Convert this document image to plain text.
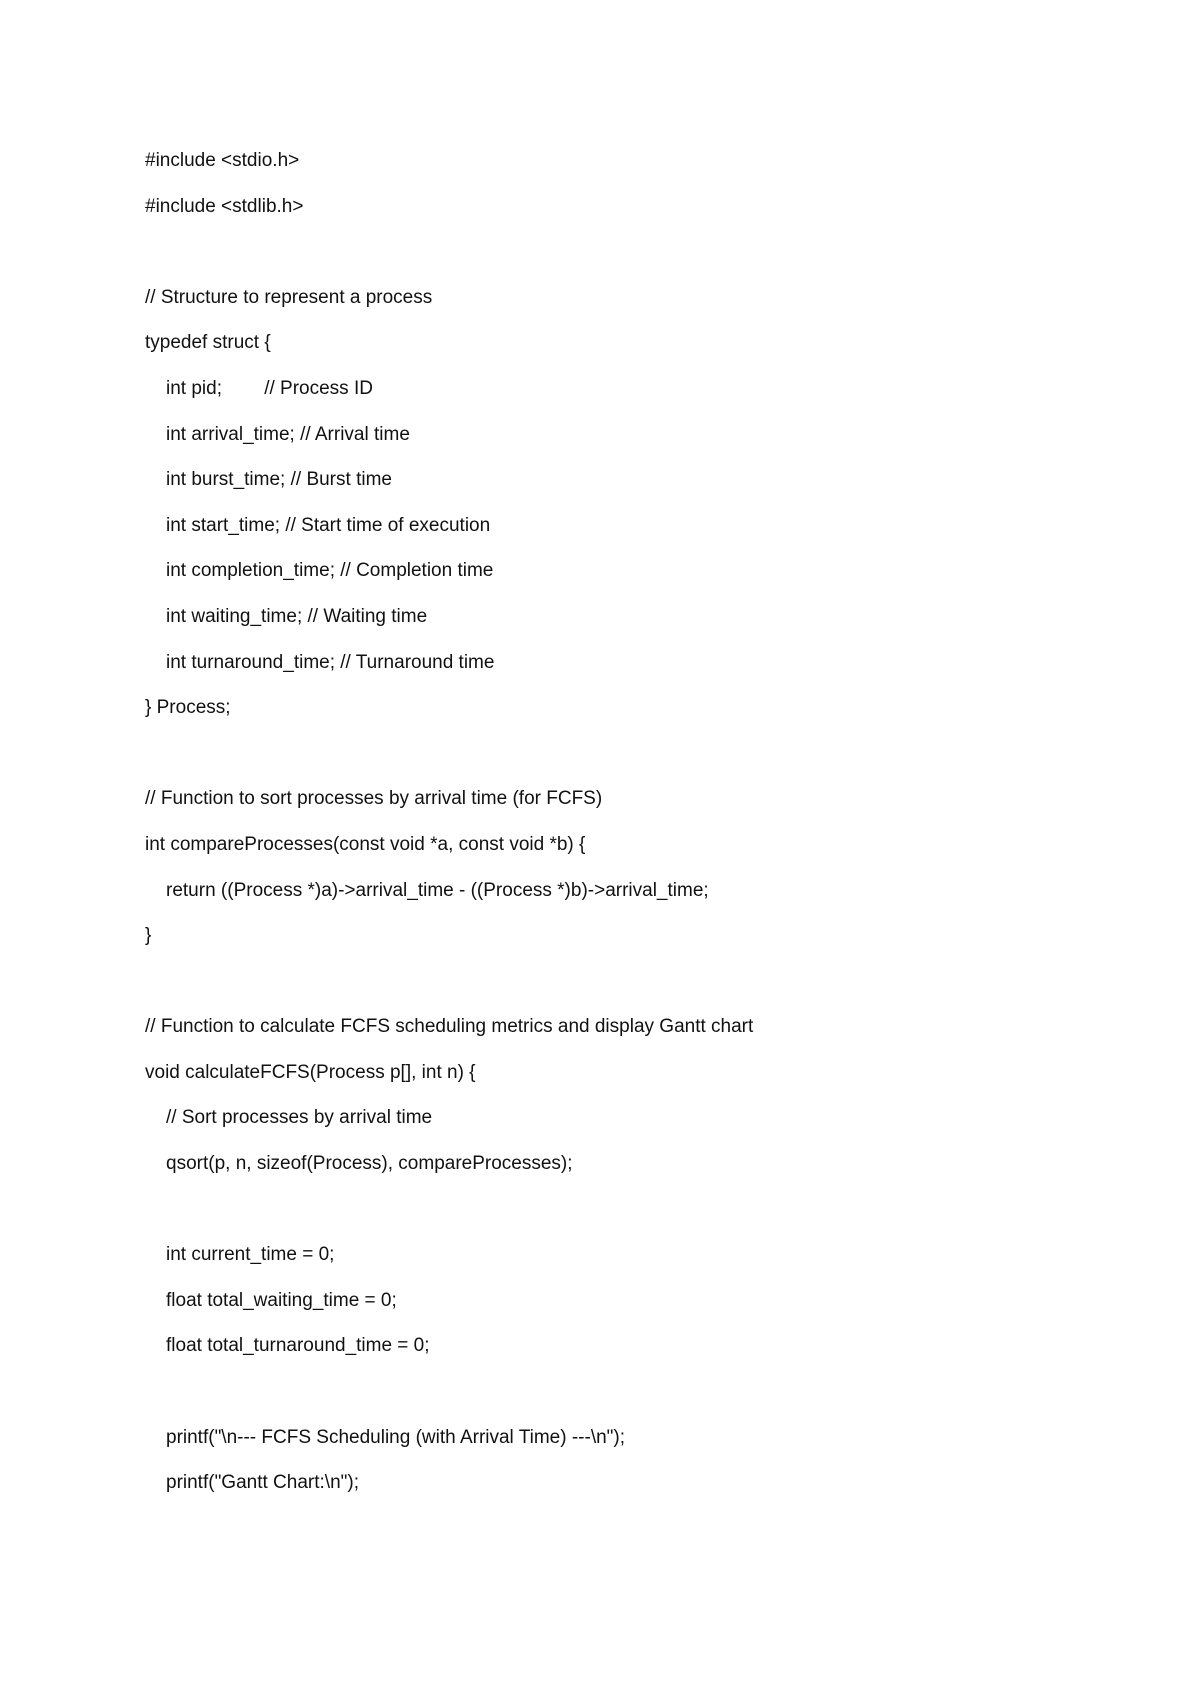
#include <stdio.h>
#include <stdlib.h>
// Structure to represent a process
typedef struct {
int pid;        // Process ID
int arrival_time; // Arrival time
int burst_time; // Burst time
int start_time; // Start time of execution
int completion_time; // Completion time
int waiting_time; // Waiting time
int turnaround_time; // Turnaround time
} Process;
// Function to sort processes by arrival time (for FCFS)
int compareProcesses(const void *a, const void *b) {
return ((Process *)a)->arrival_time - ((Process *)b)->arrival_time;
}
// Function to calculate FCFS scheduling metrics and display Gantt chart
void calculateFCFS(Process p[], int n) {
// Sort processes by arrival time
qsort(p, n, sizeof(Process), compareProcesses);
int current_time = 0;
float total_waiting_time = 0;
float total_turnaround_time = 0;
printf("\n--- FCFS Scheduling (with Arrival Time) ---\n");
printf("Gantt Chart:\n");
